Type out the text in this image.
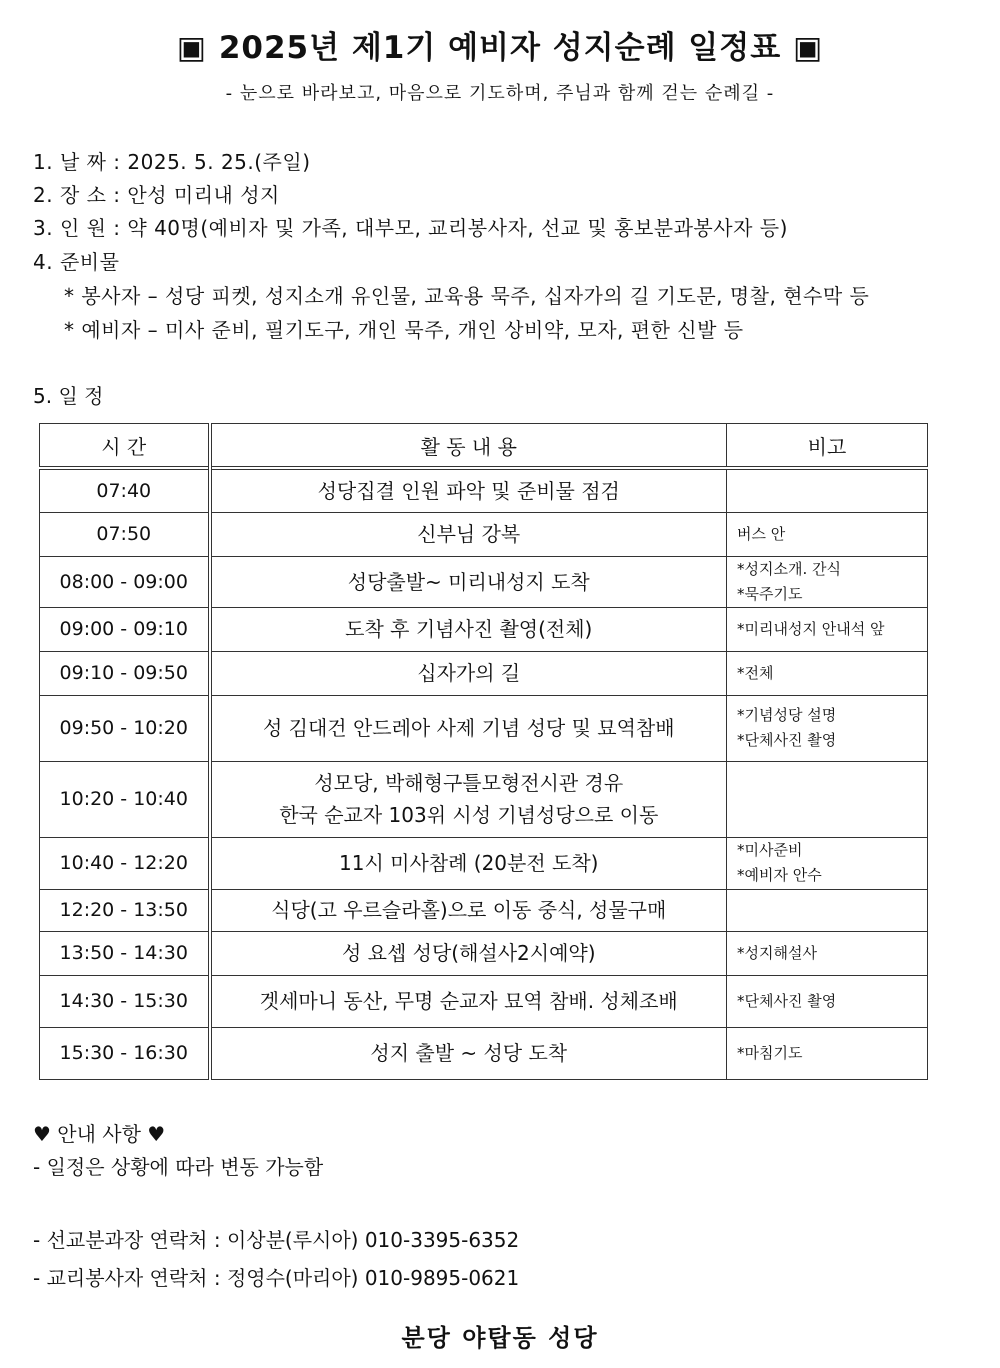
▣ 2025년 제1기 예비자 성지순례 일정표 ▣
- 눈으로 바라보고, 마음으로 기도하며, 주님과 함께 걷는 순례길 -
1. 날 짜 : 2025. 5. 25.(주일)
2. 장 소 : 안성 미리내 성지
3. 인 원 : 약 40명(예비자 및 가족, 대부모, 교리봉사자, 선교 및 홍보분과봉사자 등)
4. 준비물
* 봉사자 – 성당 피켓, 성지소개 유인물, 교육용 묵주, 십자가의 길 기도문, 명찰, 현수막 등
* 예비자 – 미사 준비, 필기도구, 개인 묵주, 개인 상비약, 모자, 편한 신발 등
5. 일 정
시 간	활 동 내 용	비고
07:40	성당집결 인원 파악 및 준비물 점검	

07:50	신부님 강복	버스 안

08:00 - 09:00	성당출발~ 미리내성지 도착	*성지소개. 간식
*묵주기도

09:00 - 09:10	도착 후 기념사진 촬영(전체)	*미리내성지 안내석 앞

09:10 - 09:50	십자가의 길	*전체

09:50 - 10:20	성 김대건 안드레아 사제 기념 성당 및 묘역참배	*기념성당 설명
*단체사진 촬영

10:20 - 10:40	성모당, 박해형구틀모형전시관 경유
한국 순교자 103위 시성 기념성당으로 이동	

10:40 - 12:20	11시 미사참례 (20분전 도착)	*미사준비
*예비자 안수

12:20 - 13:50	식당(고 우르슬라홀)으로 이동 중식, 성물구매	

13:50 - 14:30	성 요셉 성당(해설사2시예약)	*성지해설사

14:30 - 15:30	겟세마니 동산, 무명 순교자 묘역 참배. 성체조배	*단체사진 촬영

15:30 - 16:30	성지 출발 ~ 성당 도착	*마침기도
♥ 안내 사항 ♥
- 일정은 상황에 따라 변동 가능함
- 선교분과장 연락처 : 이상분(루시아) 010-3395-6352
- 교리봉사자 연락처 : 정영수(마리아) 010-9895-0621
분당 야탑동 성당
